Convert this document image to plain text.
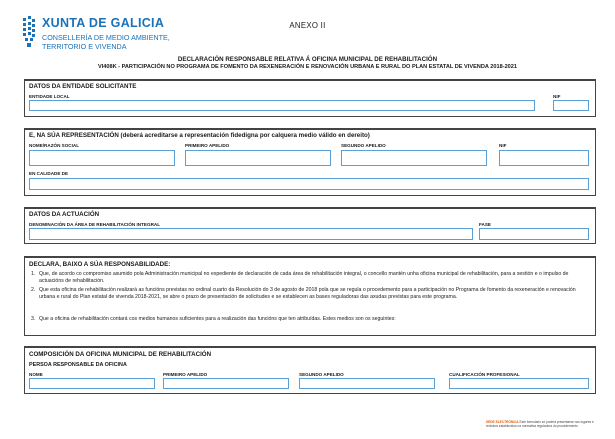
XUNTA DE GALICIA
CONSELLERÍA DE MEDIO AMBIENTE,
TERRITORIO E VIVENDA
ANEXO II
DECLARACIÓN RESPONSABLE RELATIVA Á OFICINA MUNICIPAL DE REHABILITACIÓN
VI408K - PARTICIPACIÓN NO PROGRAMA DE FOMENTO DA REXENERACIÓN E RENOVACIÓN URBANA E RURAL DO PLAN ESTATAL DE VIVENDA 2018-2021
DATOS DA ENTIDADE SOLICITANTE
ENTIDADE LOCAL	NIF
E, NA SÚA REPRESENTACIÓN (deberá acreditarse a representación fidedigna por calquera medio válido en dereito)
NOME/RAZÓN SOCIAL	PRIMEIRO APELIDO	SEGUNDO APELIDO	NIF
EN CALIDADE DE
DATOS DA ACTUACIÓN
DENOMINACIÓN DA ÁREA DE REHABILITACIÓN INTEGRAL	FASE
DECLARA, BAIXO A SÚA RESPONSABILIDADE:
1. Que, de acordo co compromiso asumido pola Administración municipal no expediente de declaración de cada área de rehabilitación integral, o concello mantén unha oficina municipal de rehabilitación, para a xestión e o impulso de actuacións de rehabilitación.
2. Que esta oficina de rehabilitación realizará as funcións previstas no ordinal cuarto da Resolución do 3 de agosto de 2018 pola que se regula o procedemento para a participación no Programa de fomento da rexeneración e renovación urbana e rural do Plan estatal de vivenda 2018-2021, se abre o prazo de presentación de solicitudes e se establecen as bases reguladoras das axudas previstas para este programa.
3. Que a oficina de rehabilitación contará cos medios humanos suficientes para a realización das funcións que ten atribuídas. Estes medios son os seguintes:
COMPOSICIÓN DA OFICINA MUNICIPAL DE REHABILITACIÓN
PERSOA RESPONSABLE DA OFICINA
NOME	PRIMEIRO APELIDO	SEGUNDO APELIDO	CUALIFICACIÓN PROFESIONAL
SEDE ELECTRÓNICA Este formulario só poderá presentarse nos lugares e rexistros establecidos na normativa reguladora do procedemento
